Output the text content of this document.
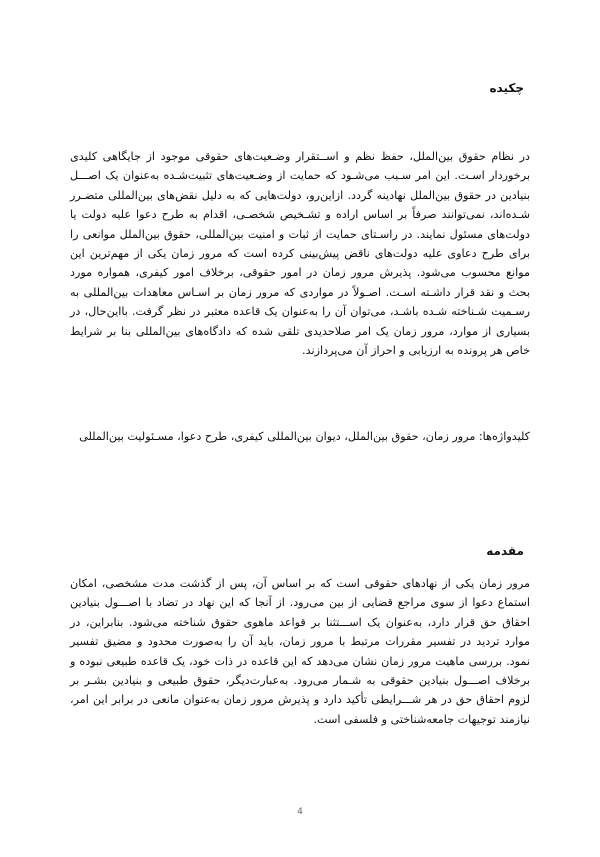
چکیده
در نظام حقوق بین‌الملل، حفظ نظم و اســتقرار وضـعیت‌های حقوقی موجود از جایگاهی کلیدی برخوردار اسـت. این امر سـبب می‌شـود که حمایت از وضـعیت‌های تثبیت‌شـده به‌عنوان یک اصـــل بنیادین در حقوق بین‌الملل نهادینه گردد. ازاین‌رو، دولت‌هایی که به دلیل نقض‌های بین‌المللی متضـرر شـده‌اند، نمی‌توانند صرفاً بر اساس اراده و تشـخیص شخصـی، اقدام به طرح دعوا علیه دولت یا دولت‌های مسئول نمایند. در راسـتای حمایت از ثبات و امنیت بین‌المللی، حقوق بین‌الملل موانعی را برای طرح دعاوی علیه دولت‌های ناقض پیش‌بینی کرده است که مرور زمان یکی از مهم‌ترین این موانع محسوب می‌شود. پذیرش مرور زمان در امور حقوقی، برخلاف امور کیفری، همواره مورد بحث و نقد قرار داشـته اسـت. اصـولاً در مواردی که مرور زمان بر اسـاس معاهدات بین‌المللی به رسـمیت شـناخته شـده باشـد، می‌توان آن را به‌عنوان یک قاعده معتبر در نظر گرفت. بااین‌حال، در بسیاری از موارد، مرور زمان یک امر صلاحدیدی تلقی شده که دادگاه‌های بین‌المللی بنا بر شرایط خاص هر پرونده به ارزیابی و احراز آن می‌پردازند.
کلیدواژه‌ها: مرور زمان، حقوق بین‌الملل، دیوان بین‌المللی کیفری، طرح دعوا، مسـئولیت بین‌المللی
مقدمه
مرور زمان یکی از نهادهای حقوقی است که بر اساس آن، پس از گذشت مدت مشخصی، امکان استماع دعوا از سوی مراجع قضایی از بین می‌رود. از آنجا که این نهاد در تضاد با اصـــول بنیادین احقاق حق قرار دارد، به‌عنوان یک اســـتثنا بر قواعد ماهوی حقوق شناخته می‌شود. بنابراین، در موارد تردید در تفسیر مقررات مرتبط با مرور زمان، باید آن را به‌صورت محدود و مضیق تفسیر نمود. بررسی ماهیت مرور زمان نشان می‌دهد که این قاعده در ذات خود، یک قاعده طبیعی نبوده و برخلاف اصـــول بنیادین حقوقی به شـمار می‌رود. به‌عبارت‌دیگر، حقوق طبیعی و بنیادین بشـر بر لزوم احقاق حق در هر شـــرایطی تأکید دارد و پذیرش مرور زمان به‌عنوان مانعی در برابر این امر، نیازمند توجیهات جامعه‌شناختی و فلسفی است.
4
